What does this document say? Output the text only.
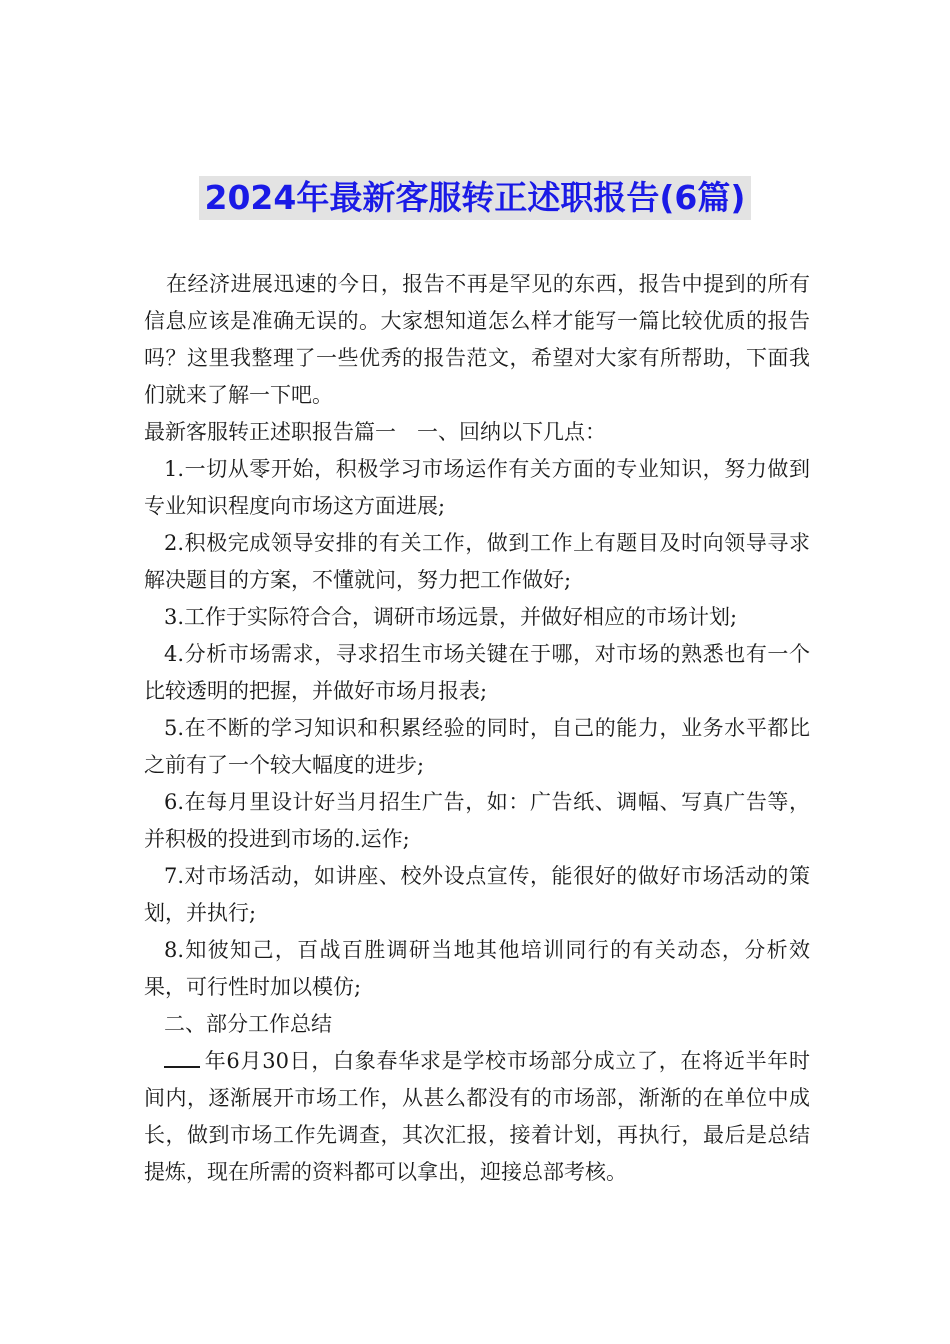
2024年最新客服转正述职报告(6篇)

在经济进展迅速的今日，报告不再是罕见的东西，报告中提到的所有信息应该是准确无误的。大家想知道怎么样才能写一篇比较优质的报告吗？这里我整理了一些优秀的报告范文，希望对大家有所帮助，下面我们就来了解一下吧。

最新客服转正述职报告篇一　一、回纳以下几点：

1.一切从零开始，积极学习市场运作有关方面的专业知识，努力做到专业知识程度向市场这方面进展;

2.积极完成领导安排的有关工作，做到工作上有题目及时向领导寻求解决题目的方案，不懂就问，努力把工作做好;

3.工作于实际符合合，调研市场远景，并做好相应的市场计划;

4.分析市场需求，寻求招生市场关键在于哪，对市场的熟悉也有一个比较透明的把握，并做好市场月报表;

5.在不断的学习知识和积累经验的同时，自己的能力，业务水平都比之前有了一个较大幅度的进步;

6.在每月里设计好当月招生广告，如：广告纸、调幅、写真广告等，并积极的投进到市场的.运作;

7.对市场活动，如讲座、校外设点宣传，能很好的做好市场活动的策划，并执行;

8.知彼知己，百战百胜调研当地其他培训同行的有关动态，分析效果，可行性时加以模仿;

二、部分工作总结

年6月30日，白象春华求是学校市场部分成立了，在将近半年时间内，逐渐展开市场工作，从甚么都没有的市场部，渐渐的在单位中成长，做到市场工作先调查，其次汇报，接着计划，再执行，最后是总结提炼，现在所需的资料都可以拿出，迎接总部考核。
